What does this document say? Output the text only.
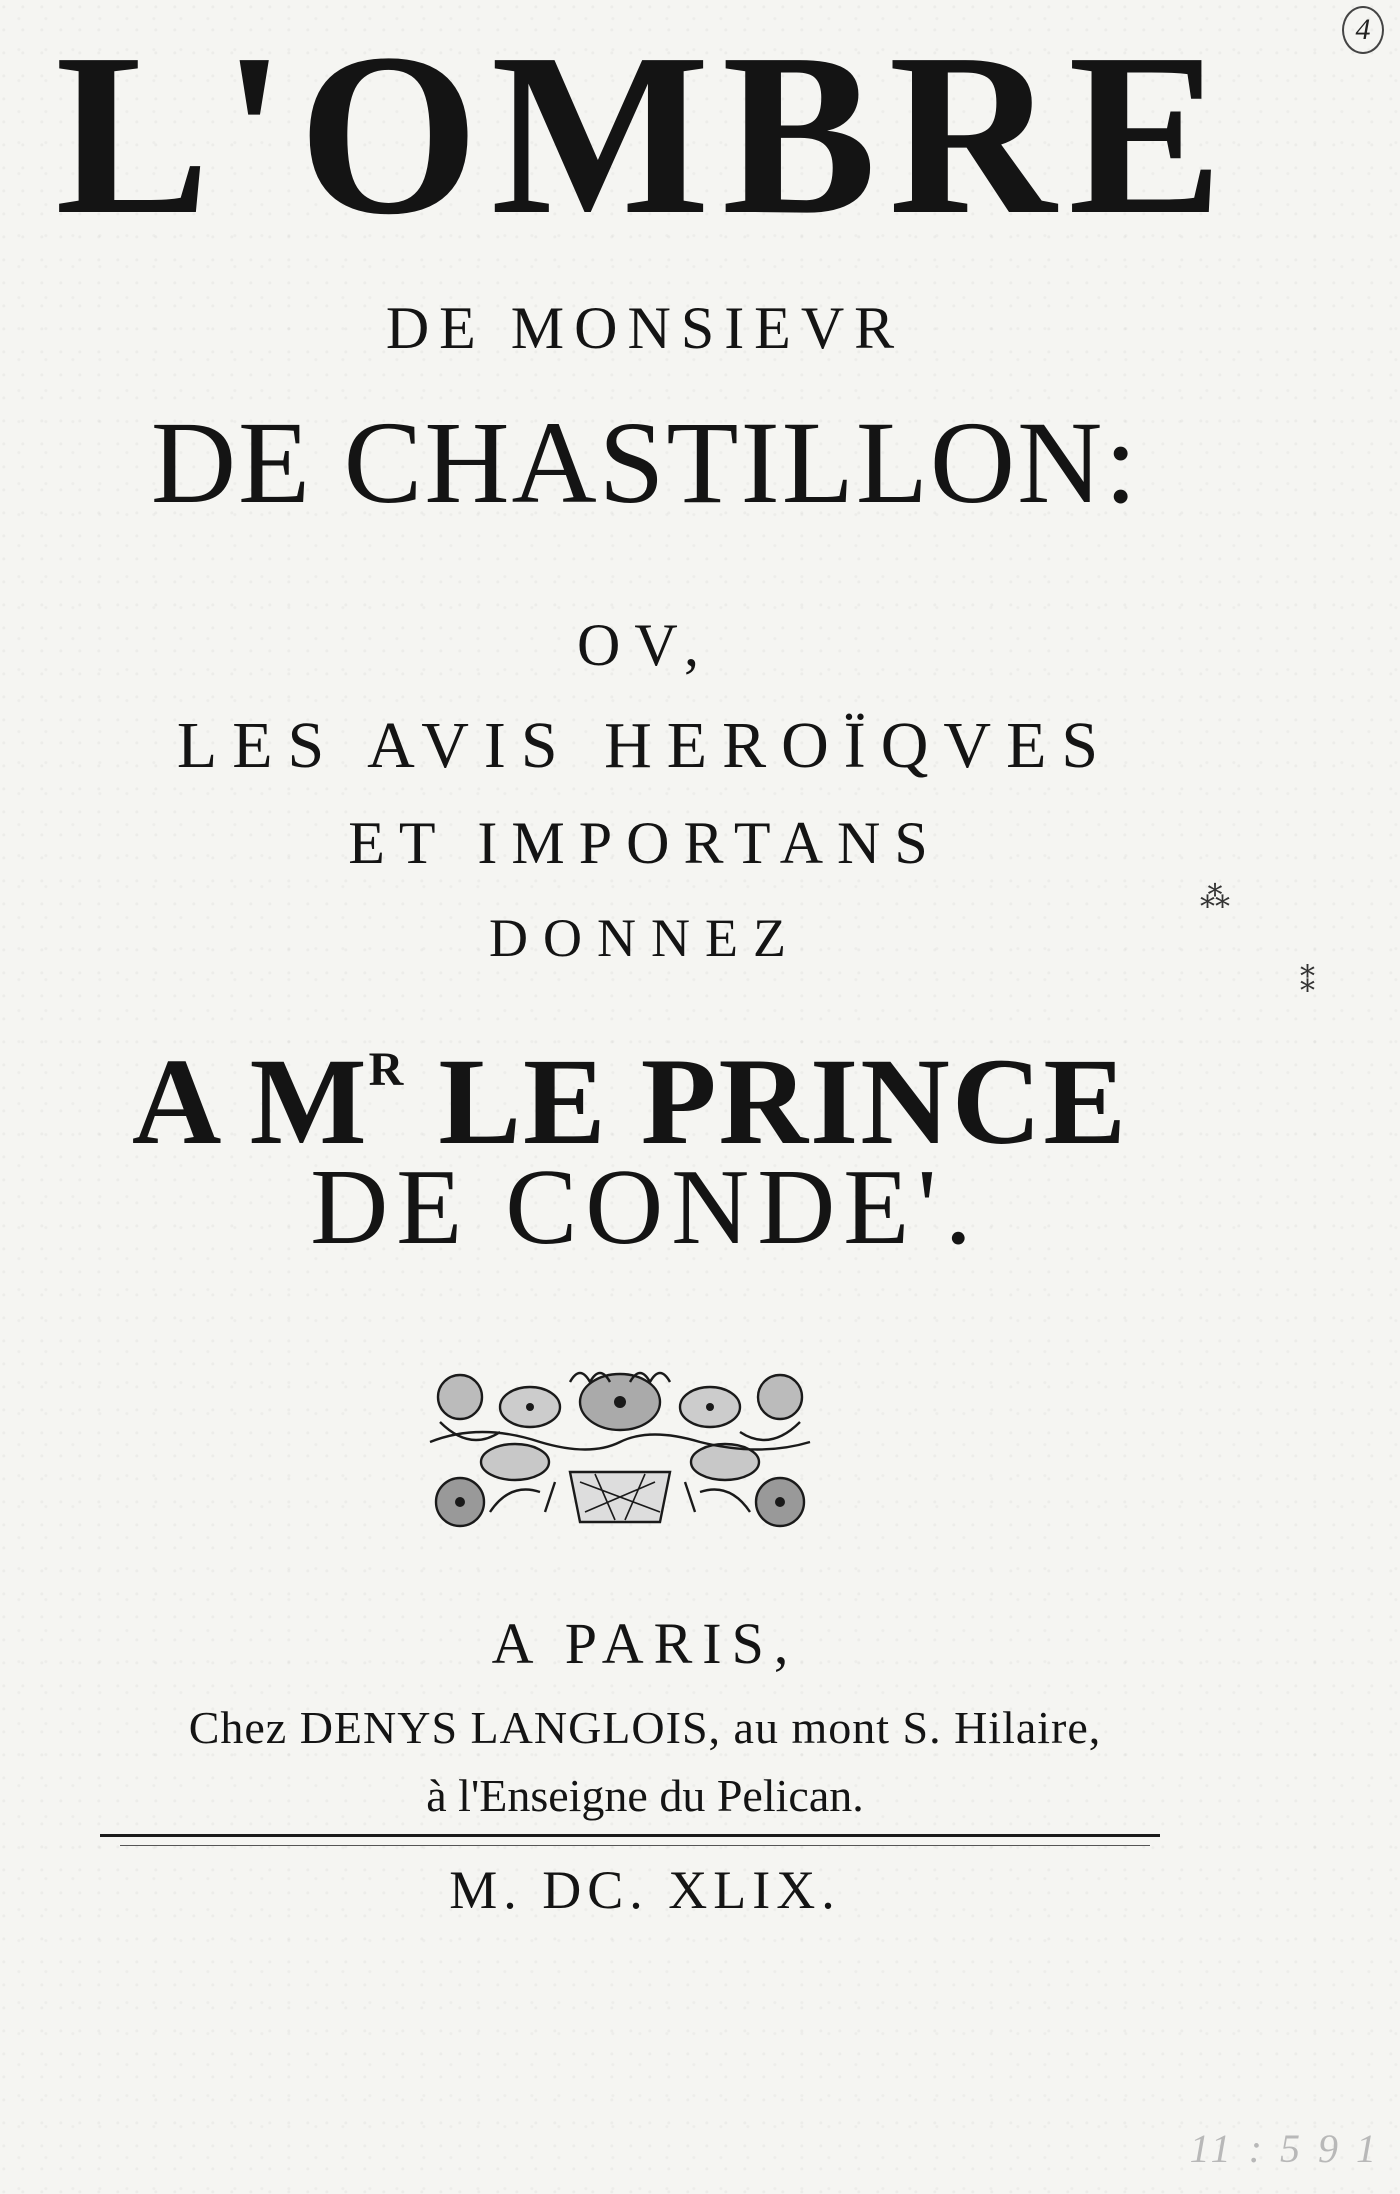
4
L'OMBRE
DE MONSIEVR
DE CHASTILLON:
OV,
LES AVIS HEROÏQVES
ET IMPORTANS
DONNEZ
A $M^R$ LE PRINCE
DE CONDE'.
A PARIS,
Chez DENYS LANGLOIS, au mont S. Hilaire,
à l'Enseigne du Pelican.
M. DC. XLIX.
11 : 5 9 1
⁂
⁑
